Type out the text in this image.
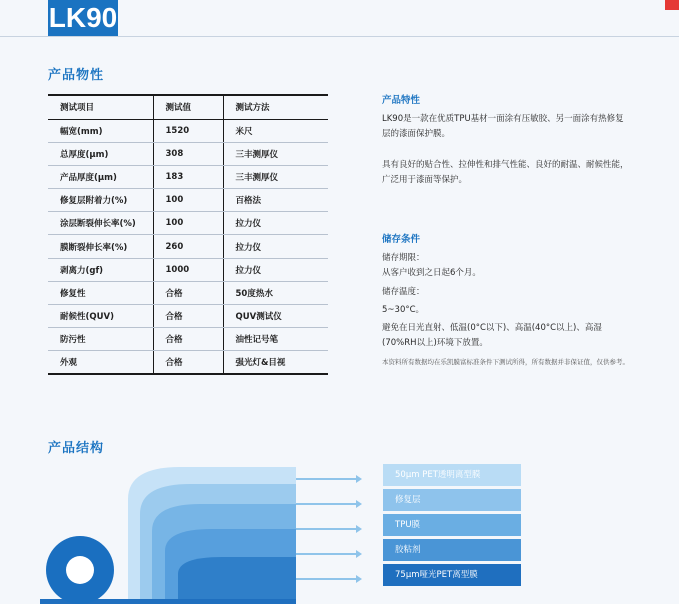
LK90
产品物性
测试项目	测试值	测试方法
幅宽(mm)	1520	米尺
总厚度(μm)	308	三丰测厚仪
产品厚度(μm)	183	三丰测厚仪
修复层附着力(%)	100	百格法
涂层断裂伸长率(%)	100	拉力仪
膜断裂伸长率(%)	260	拉力仪
剥离力(gf)	1000	拉力仪
修复性	合格	50度热水
耐候性(QUV)	合格	QUV测试仪
防污性	合格	油性记号笔
外观	合格	强光灯&目视
产品特性

LK90是一款在优质TPU基材一面涂有压敏胶、另一面涂有热修复层的漆面保护膜。

具有良好的贴合性、拉伸性和排气性能、良好的耐温、耐候性能，广泛用于漆面等保护。

储存条件

储存期限：

从客户收到之日起6个月。

储存温度：

5~30°C。

避免在日光直射、低温(0°C以下)、高温(40°C以上)、高湿(70%RH以上)环境下放置。

本资料所有数据均在乐凯膜富标准条件下测试所得，所有数据并非保证值，仅供参考。

产品结构
50μm PET透明离型膜
修复层
TPU膜
胶粘剂
75μm哑光PET离型膜
